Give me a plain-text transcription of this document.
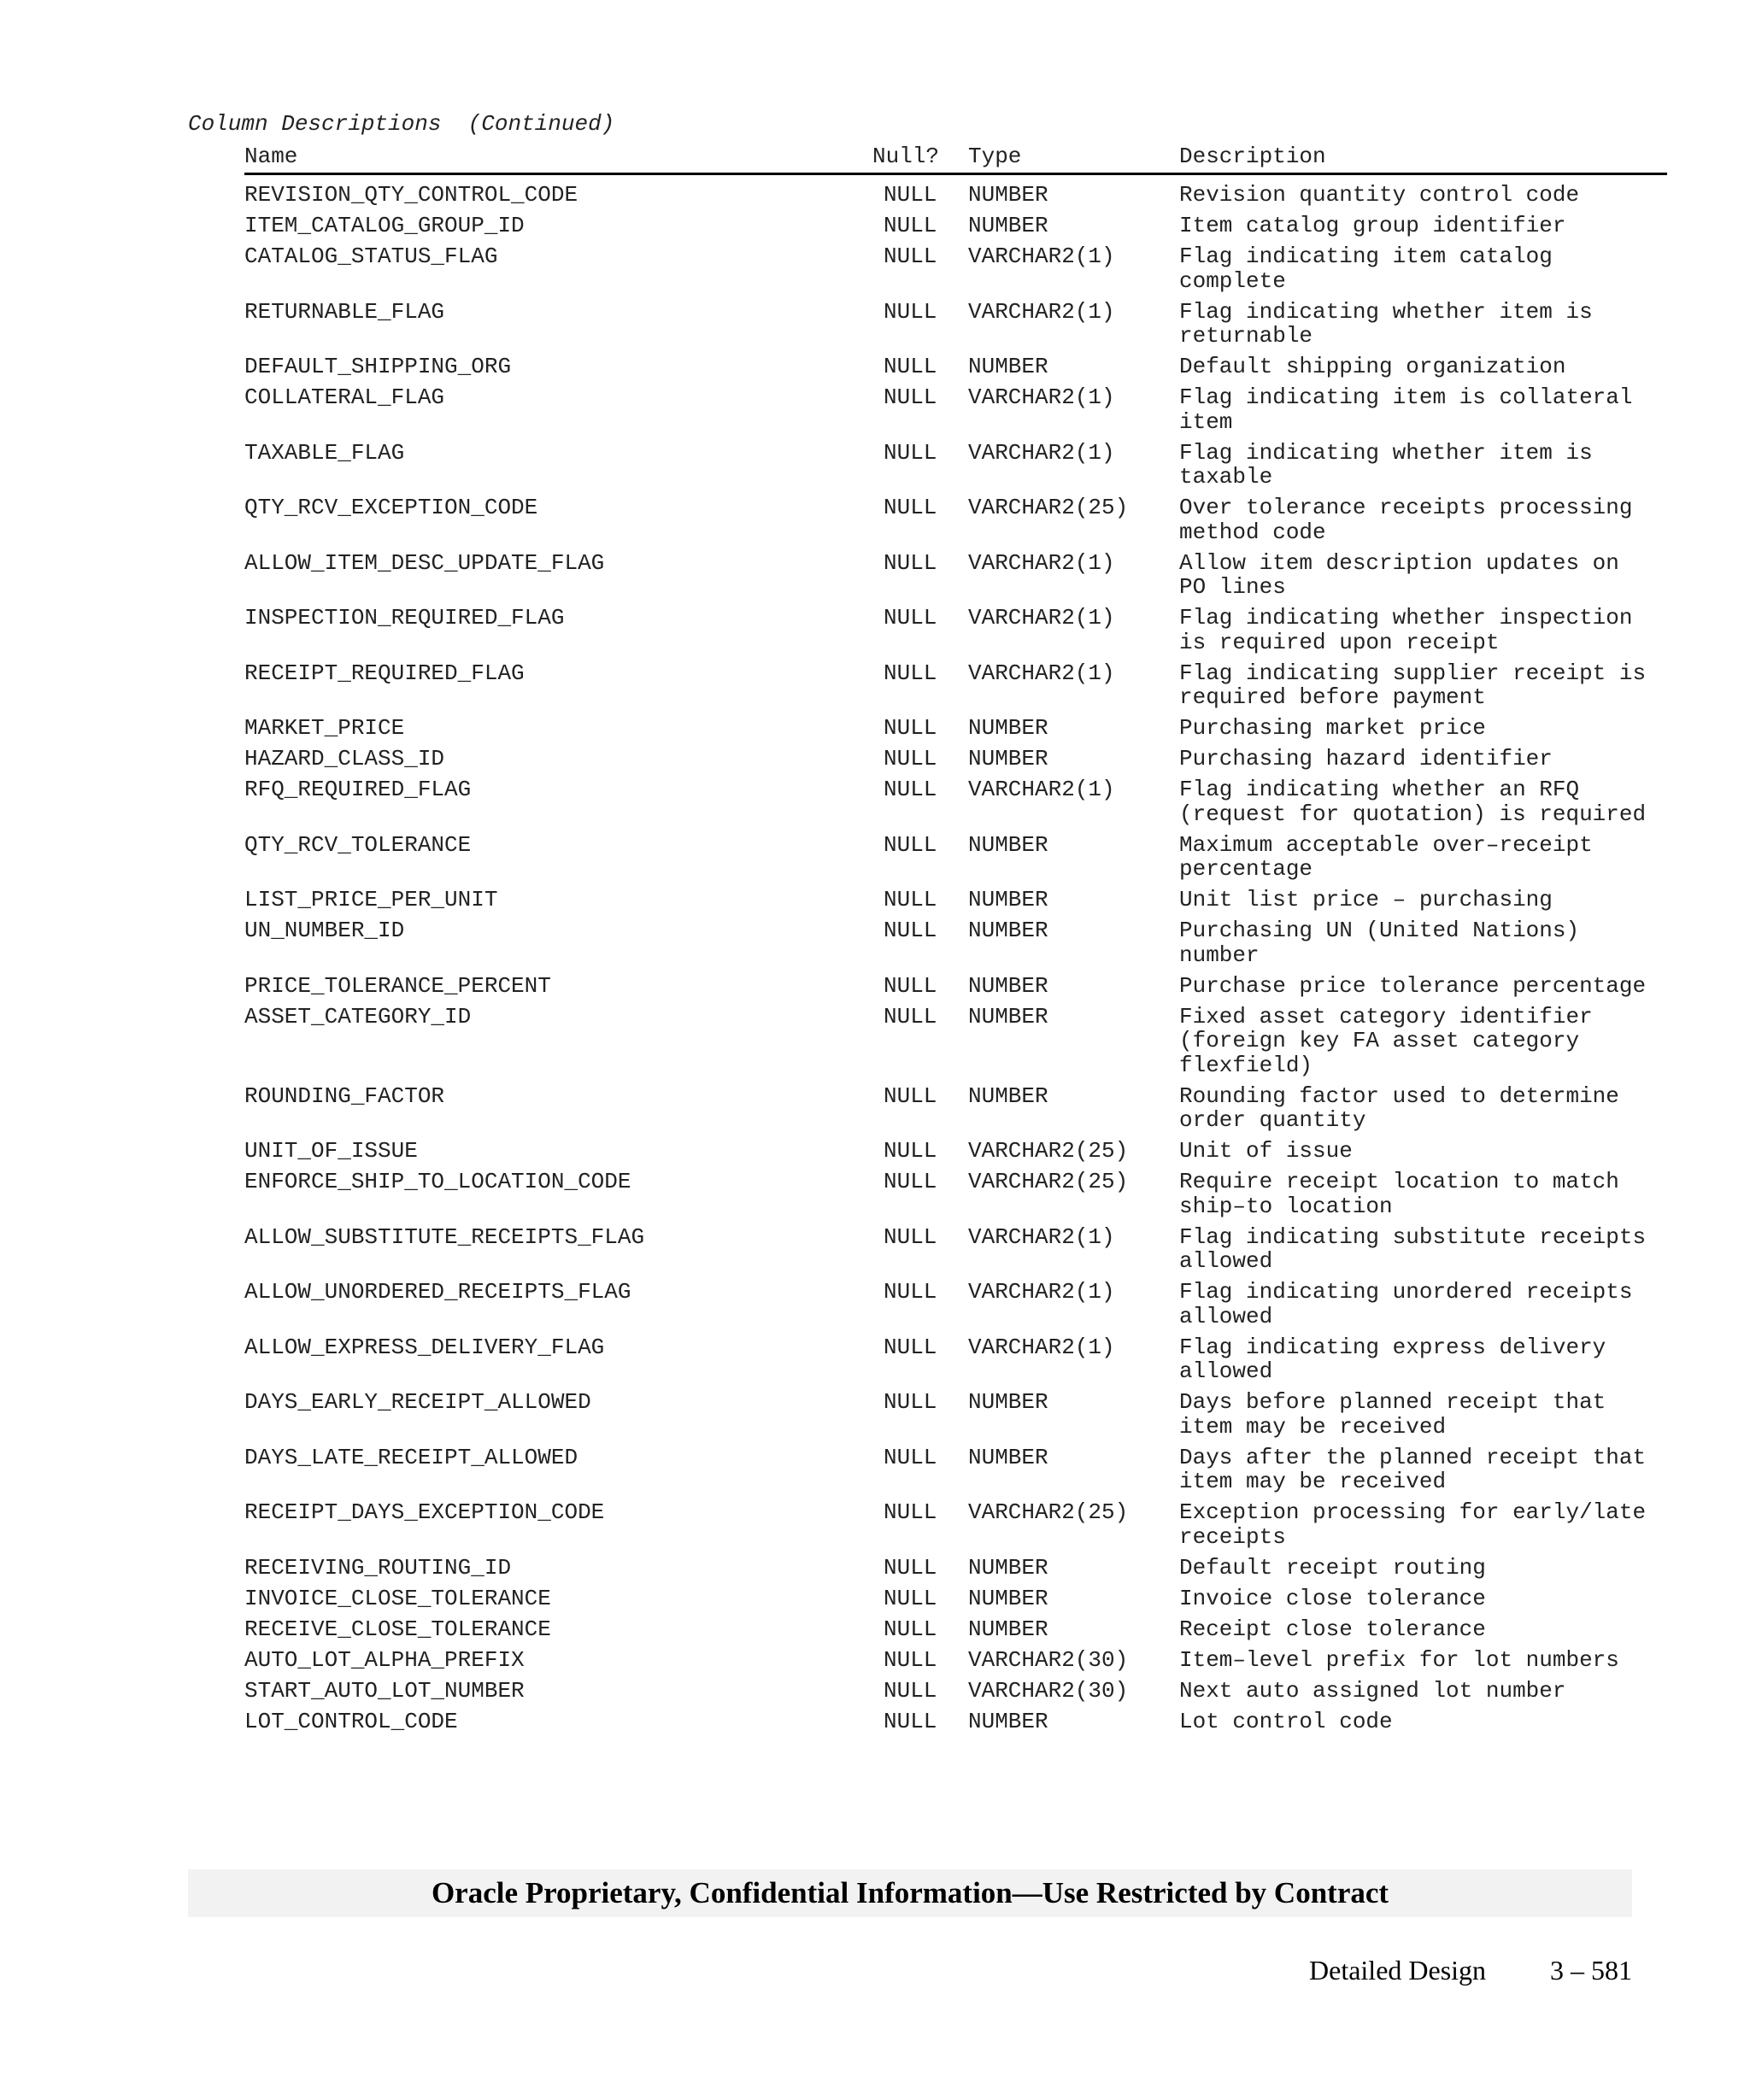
Column Descriptions  (Continued)
Name	Null? Type	Description
REVISION_QTY_CONTROL_CODE	NULL NUMBER	Revision quantity control code
ITEM_CATALOG_GROUP_ID	NULL NUMBER	Item catalog group identifier
CATALOG_STATUS_FLAG	NULL VARCHAR2(1)	Flag indicating item catalog complete
RETURNABLE_FLAG	NULL VARCHAR2(1)	Flag indicating whether item is returnable
DEFAULT_SHIPPING_ORG	NULL NUMBER	Default shipping organization
COLLATERAL_FLAG	NULL VARCHAR2(1)	Flag indicating item is collateral item
TAXABLE_FLAG	NULL VARCHAR2(1)	Flag indicating whether item is taxable
QTY_RCV_EXCEPTION_CODE	NULL VARCHAR2(25) Over tolerance receipts processing method code
ALLOW_ITEM_DESC_UPDATE_FLAG	NULL VARCHAR2(1)	Allow item description updates on PO lines
INSPECTION_REQUIRED_FLAG	NULL VARCHAR2(1)	Flag indicating whether inspection is required upon receipt
RECEIPT_REQUIRED_FLAG	NULL VARCHAR2(1)	Flag indicating supplier receipt is required before payment
MARKET_PRICE	NULL NUMBER	Purchasing market price
HAZARD_CLASS_ID	NULL NUMBER	Purchasing hazard identifier
RFQ_REQUIRED_FLAG	NULL VARCHAR2(1)	Flag indicating whether an RFQ (request for quotation) is required
QTY_RCV_TOLERANCE	NULL NUMBER	Maximum acceptable over–receipt percentage
LIST_PRICE_PER_UNIT	NULL NUMBER	Unit list price – purchasing
UN_NUMBER_ID	NULL NUMBER	Purchasing UN (United Nations) number
PRICE_TOLERANCE_PERCENT	NULL NUMBER	Purchase price tolerance percentage
ASSET_CATEGORY_ID	NULL NUMBER	Fixed asset category identifier (foreign key FA asset category flexfield)
ROUNDING_FACTOR	NULL NUMBER	Rounding factor used to determine order quantity
UNIT_OF_ISSUE	NULL VARCHAR2(25) Unit of issue
ENFORCE_SHIP_TO_LOCATION_CODE	NULL VARCHAR2(25) Require receipt location to match ship–to location
ALLOW_SUBSTITUTE_RECEIPTS_FLAG	NULL VARCHAR2(1)	Flag indicating substitute receipts allowed
ALLOW_UNORDERED_RECEIPTS_FLAG	NULL VARCHAR2(1)	Flag indicating unordered receipts allowed
ALLOW_EXPRESS_DELIVERY_FLAG	NULL VARCHAR2(1)	Flag indicating express delivery allowed
DAYS_EARLY_RECEIPT_ALLOWED	NULL NUMBER	Days before planned receipt that item may be received
DAYS_LATE_RECEIPT_ALLOWED	NULL NUMBER	Days after the planned receipt that item may be received
RECEIPT_DAYS_EXCEPTION_CODE	NULL VARCHAR2(25) Exception processing for early/late receipts
RECEIVING_ROUTING_ID	NULL NUMBER	Default receipt routing
INVOICE_CLOSE_TOLERANCE	NULL NUMBER	Invoice close tolerance
RECEIVE_CLOSE_TOLERANCE	NULL NUMBER	Receipt close tolerance
AUTO_LOT_ALPHA_PREFIX	NULL VARCHAR2(30) Item–level prefix for lot numbers
START_AUTO_LOT_NUMBER	NULL VARCHAR2(30) Next auto assigned lot number
LOT_CONTROL_CODE	NULL NUMBER	Lot control code
Oracle Proprietary, Confidential Information––Use Restricted by Contract
Detailed Design 3 – 581
